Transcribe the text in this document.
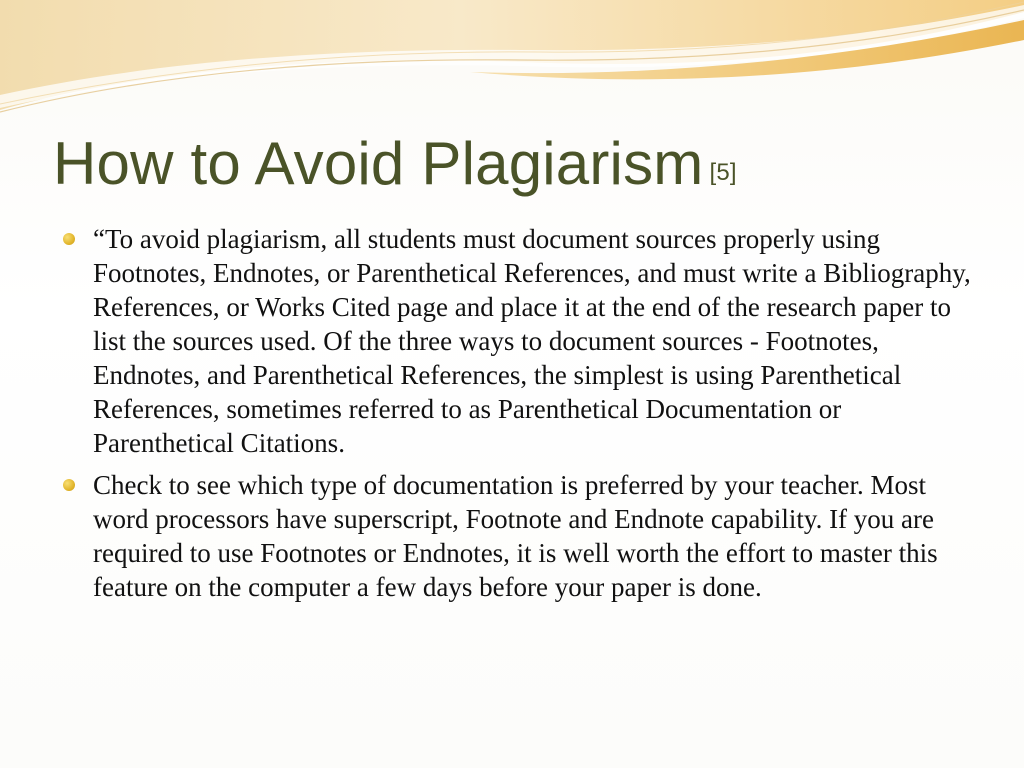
How to Avoid Plagiarism [5]
“To avoid plagiarism, all students must document sources properly using Footnotes, Endnotes, or Parenthetical References, and must write a Bibliography, References, or Works Cited page and place it at the end of the research paper to list the sources used. Of the three ways to document sources - Footnotes, Endnotes, and Parenthetical References, the simplest is using Parenthetical References, sometimes referred to as Parenthetical Documentation or Parenthetical Citations.
Check to see which type of documentation is preferred by your teacher. Most word processors have superscript, Footnote and Endnote capability. If you are required to use Footnotes or Endnotes, it is well worth the effort to master this feature on the computer a few days before your paper is done.
